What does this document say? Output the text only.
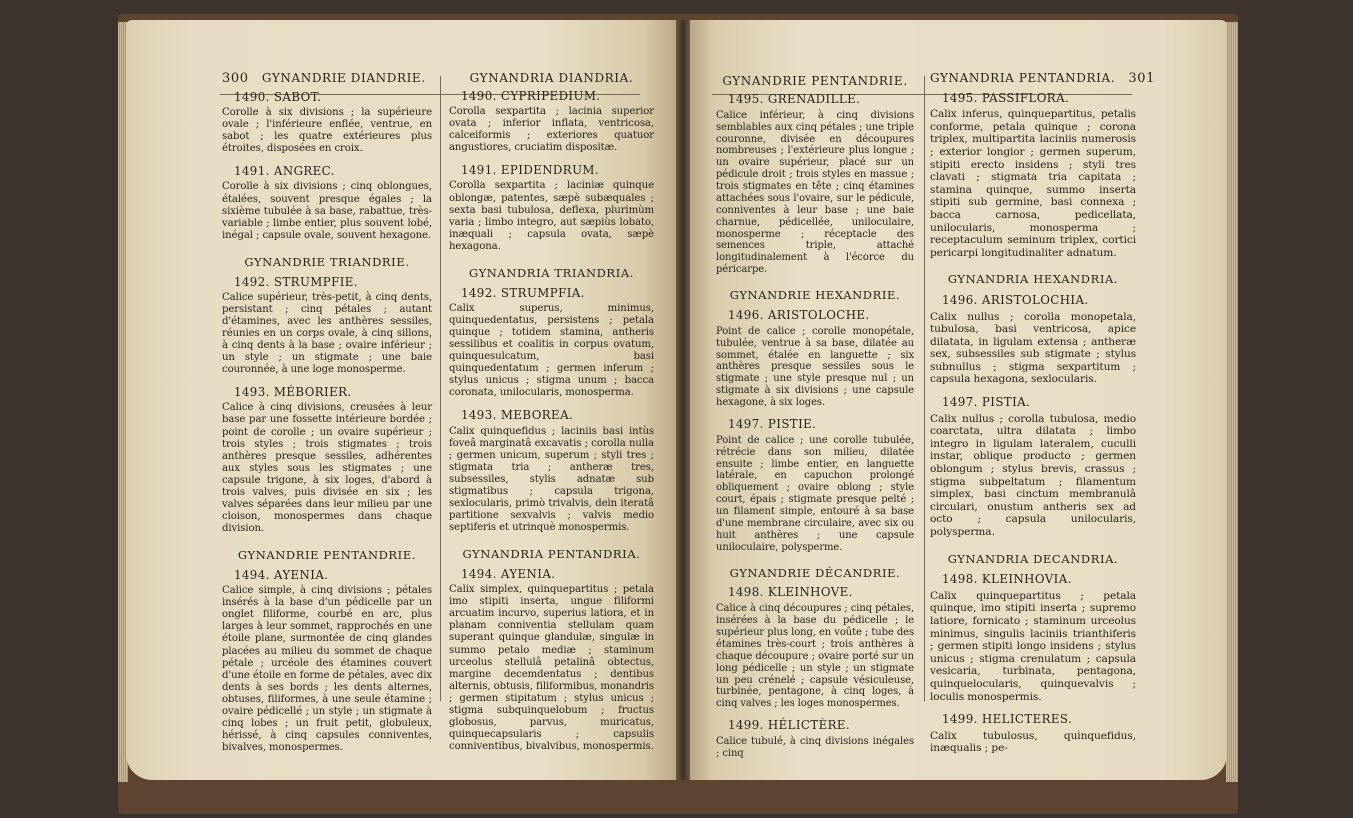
300 GYNANDRIE DIANDRIE.
1490. SABOT.
Corolle à six divisions ; la supérieure ovale ; l'inférieure enflée, ventrue, en sabot ; les quatre extérieures plus étroites, disposées en croix.
1491. ANGREC.
Corolle à six divisions ; cinq oblongues, étalées, souvent presque égales ; la sixième tubulée à sa base, rabattue, très-variable ; limbe entier, plus souvent lobé, inégal ; capsule ovale, souvent hexagone.
GYNANDRIE TRIANDRIE.
1492. STRUMPFIE.
Calice supérieur, très-petit, à cinq dents, persistant ; cinq pétales ; autant d'étamines, avec les anthères sessiles, réunies en un corps ovale, à cinq sillons, à cinq dents à la base ; ovaire inférieur ; un style ; un stigmate ; une baie couronnée, à une loge monosperme.
1493. MÉBORIER.
Calice à cinq divisions, creusées à leur base par une fossette intérieure bordée ; point de corolle ; un ovaire supérieur ; trois styles ; trois stigmates ; trois anthères presque sessiles, adhérentes aux styles sous les stigmates ; une capsule trigone, à six loges, d'abord à trois valves, puis divisée en six ; les valves séparées dans leur milieu par une cloison, monospermes dans chaque division.
GYNANDRIE PENTANDRIE.
1494. AYENIA.
Calice simple, à cinq divisions ; pétales insérés à la base d'un pédicelle par un onglet filiforme, courbé en arc, plus larges à leur sommet, rapprochés en une étoile plane, surmontée de cinq glandes placées au milieu du sommet de chaque pétale ; urcéole des étamines couvert d'une étoile en forme de pétales, avec dix dents à ses bords ; les dents alternes, obtuses, filiformes, à une seule étamine ; ovaire pédicellé ; un style ; un stigmate à cinq lobes ; un fruit petit, globuleux, hérissé, à cinq capsules conniventes, bivalves, monospermes.
GYNANDRIA DIANDRIA.
1490. CYPRIPEDIUM.
Corolla sexpartita ; lacinia superior ovata ; inferior inflata, ventricosa, calceiformis ; exteriores quatuor angustiores, cruciatim dispositæ.
1491. EPIDENDRUM.
Corolla sexpartita ; laciniæ quinque oblongæ, patentes, sæpè subæquales ; sexta basi tubulosa, deflexa, plurimùm varia ; limbo integro, aut sæpiùs lobato, inæquali ; capsula ovata, sæpè hexagona.
GYNANDRIA TRIANDRIA.
1492. STRUMPFIA.
Calix superus, minimus, quinquedentatus, persistens ; petala quinque ; totidem stamina, antheris sessilibus et coalitis in corpus ovatum, quinquesulcatum, basi quinquedentatum ; germen inferum ; stylus unicus ; stigma unum ; bacca coronata, unilocularis, monosperma.
1493. MEBOREA.
Calix quinquefidus ; laciniis basi intùs foveâ marginatâ excavatis ; corolla nulla ; germen unicum, superum ; styli tres ; stigmata tria ; antheræ tres, subsessiles, stylis adnatæ sub stigmatibus ; capsula trigona, sexlocularis, primò trivalvis, deìn iteratâ partitione sexvalvis ; valvis medio septiferis et utrinquè monospermis.
GYNANDRIA PENTANDRIA.
1494. AYENIA.
Calix simplex, quinquepartitus ; petala imo stipiti inserta, ungue filiformi arcuatim incurvo, superius latiora, et in planam conniventia stellulam quam superant quinque glandulæ, singulæ in summo petalo mediæ ; staminum urceolus stellulâ petalinâ obtectus, margine decemdentatus ; dentibus alternis, obtusis, filiformibus, monandris ; germen stipitatum ; stylus unicus ; stigma subquinquelobum ; fructus globosus, parvus, muricatus, quinquecapsularis ; capsulis conniventibus, bivalvibus, monospermis.
GYNANDRIE PENTANDRIE.
1495. GRENADILLE.
Calice inférieur, à cinq divisions semblables aux cinq pétales ; une triple couronne, divisée en découpures nombreuses ; l'extérieure plus longue ; un ovaire supérieur, placé sur un pédicule droit ; trois styles en massue ; trois stigmates en tête ; cinq étamines attachées sous l'ovaire, sur le pédicule, conniventes à leur base ; une baie charnue, pédicellée, uniloculaire, monosperme ; réceptacle des semences triple, attaché longitudinalement à l'écorce du péricarpe.
GYNANDRIE HEXANDRIE.
1496. ARISTOLOCHE.
Point de calice ; corolle monopétale, tubulée, ventrue à sa base, dilatée au sommet, étalée en languette ; six anthères presque sessiles sous le stigmate ; une style presque nul ; un stigmate à six divisions ; une capsule hexagone, à six loges.
1497. PISTIE.
Point de calice ; une corolle tubulée, rétrécie dans son milieu, dilatée ensuite ; limbe entier, en languette latérale, en capuchon prolongé obliquement ; ovaire oblong ; style court, épais ; stigmate presque pelté ; un filament simple, entouré à sa base d'une membrane circulaire, avec six ou huit anthères ; une capsule uniloculaire, polysperme.
GYNANDRIE DÉCANDRIE.
1498. KLEINHOVE.
Calice à cinq découpures ; cinq pétales, insérées à la base du pédicelle ; le supérieur plus long, en voûte ; tube des étamines très-court ; trois anthères à chaque découpure ; ovaire porté sur un long pédicelle ; un style ; un stigmate un peu crénelé ; capsule vésiculeuse, turbinée, pentagone, à cinq loges, à cinq valves ; les loges monospermes.
1499. HÉLICTÈRE.
Calice tubulé, à cinq divisions inégales ; cinq
GYNANDRIA PENTANDRIA. 301
1495. PASSIFLORA.
Calix inferus, quinquepartitus, petalis conforme, petala quinque ; corona triplex, multipartita laciniis numerosis ; exterior longior ; germen superum, stipiti erecto insidens ; styli tres clavati ; stigmata tria capitata ; stamina quinque, summo inserta stipiti sub germine, basi connexa ; bacca carnosa, pedicellata, unilocularis, monosperma ; receptaculum seminum triplex, cortici pericarpi longitudinaliter adnatum.
GYNANDRIA HEXANDRIA.
1496. ARISTOLOCHIA.
Calix nullus ; corolla monopetala, tubulosa, basi ventricosa, apice dilatata, in ligulam extensa ; antheræ sex, subsessiles sub stigmate ; stylus subnullus ; stigma sexpartitum ; capsula hexagona, sexlocularis.
1497. PISTIA.
Calix nullus ; corolla tubulosa, medio coarctata, ultra dilatata ; limbo integro in ligulam lateralem, cuculli instar, oblique producto ; germen oblongum ; stylus brevis, crassus ; stigma subpeltatum ; filamentum simplex, basi cinctum membranulâ circulari, onustum antheris sex ad octo ; capsula unilocularis, polysperma.
GYNANDRIA DECANDRIA.
1498. KLEINHOVIA.
Calix quinquepartitus ; petala quinque, imo stipiti inserta ; supremo latiore, fornicato ; staminum urceolus minimus, singulis laciniis trianthiferis ; germen stipiti longo insidens ; stylus unicus ; stigma crenulatum ; capsula vesicaria, turbinata, pentagona, quinquelocularis, quinquevalvis ; loculis monospermis.
1499. HELICTERES.
Calix tubulosus, quinquefidus, inæqualis ; pe-
